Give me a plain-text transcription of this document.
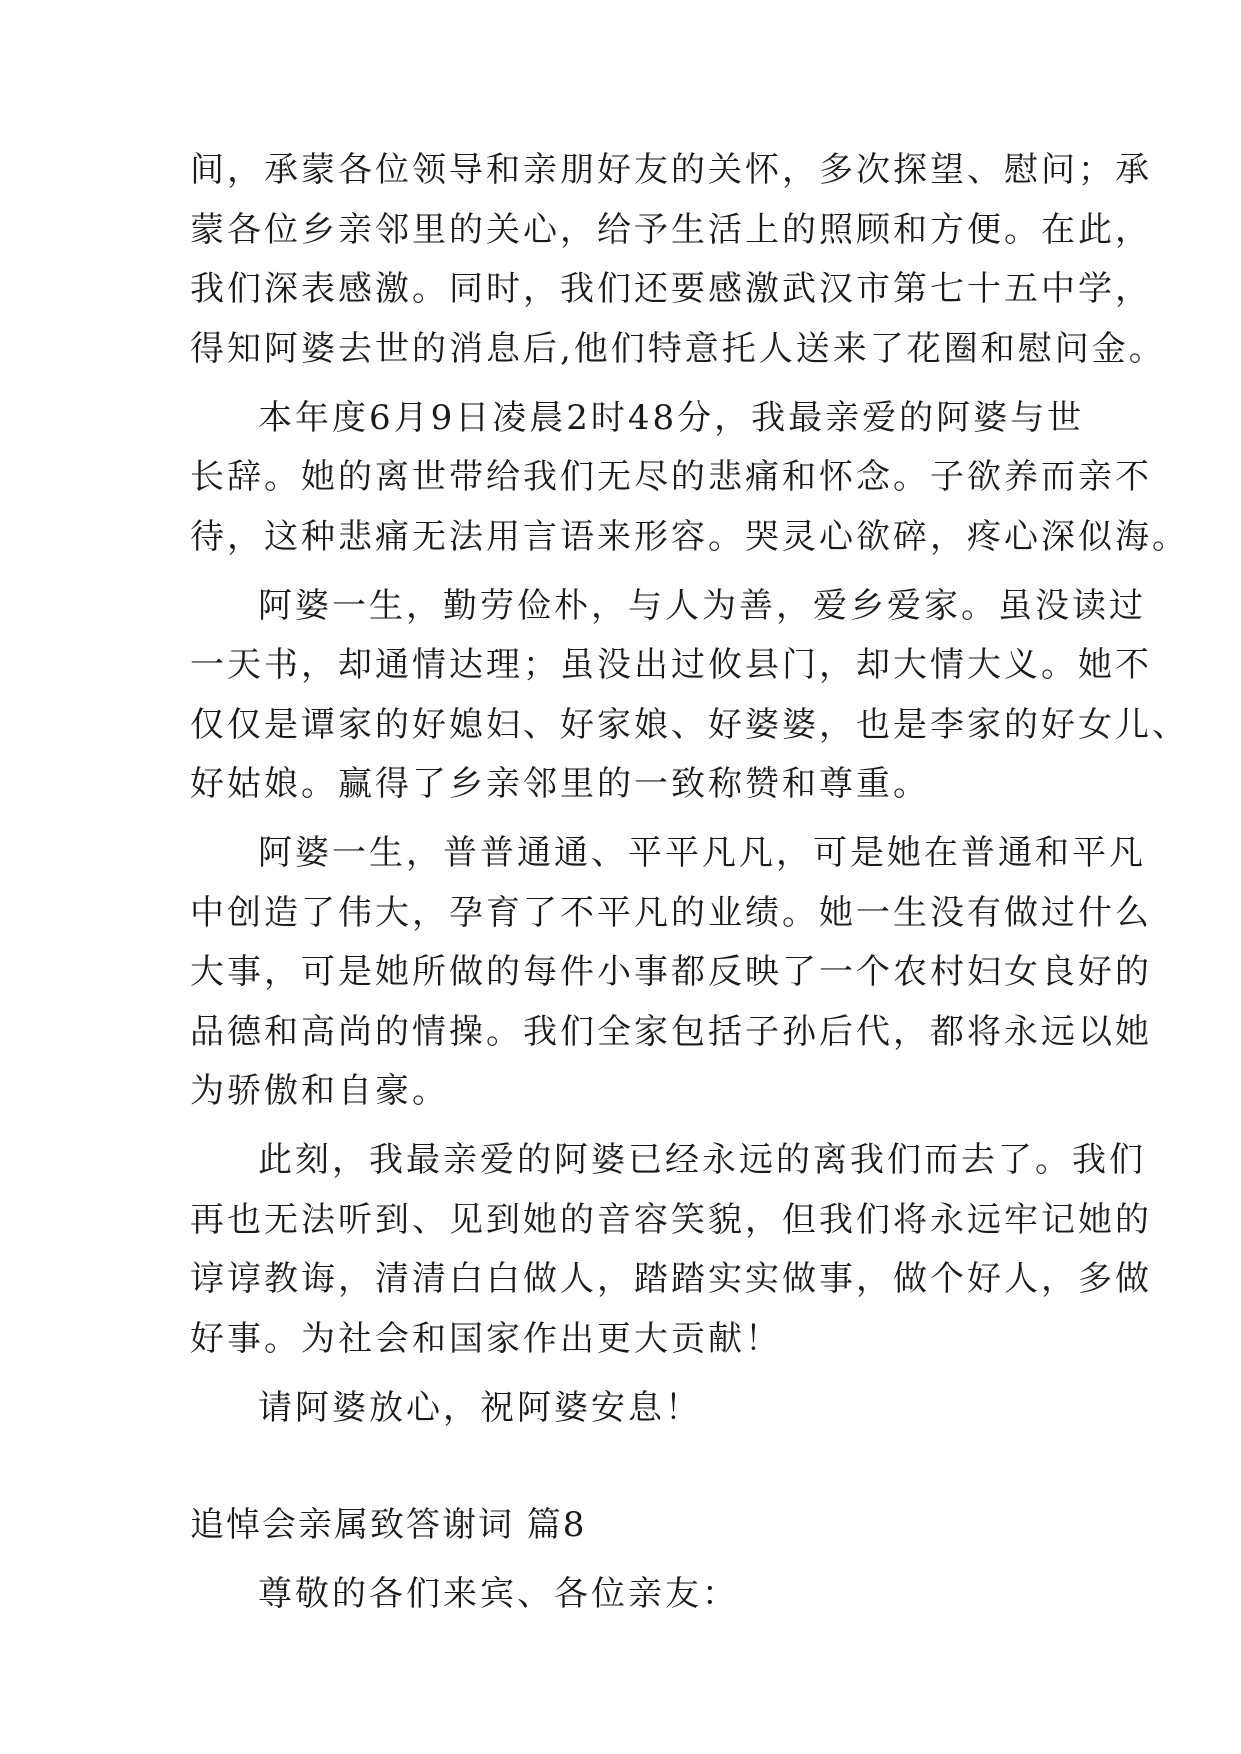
间，承蒙各位领导和亲朋好友的关怀，多次探望、慰问；承
蒙各位乡亲邻里的关心，给予生活上的照顾和方便。在此，
我们深表感激。同时，我们还要感激武汉市第七十五中学，
得知阿婆去世的消息后,他们特意托人送来了花圈和慰问金。
本年度6月9日凌晨2时48分，我最亲爱的阿婆与世
长辞。她的离世带给我们无尽的悲痛和怀念。子欲养而亲不
待，这种悲痛无法用言语来形容。哭灵心欲碎，疼心深似海。
阿婆一生，勤劳俭朴，与人为善，爱乡爱家。虽没读过
一天书，却通情达理；虽没出过攸县门，却大情大义。她不
仅仅是谭家的好媳妇、好家娘、好婆婆，也是李家的好女儿、
好姑娘。赢得了乡亲邻里的一致称赞和尊重。
阿婆一生，普普通通、平平凡凡，可是她在普通和平凡
中创造了伟大，孕育了不平凡的业绩。她一生没有做过什么
大事，可是她所做的每件小事都反映了一个农村妇女良好的
品德和高尚的情操。我们全家包括子孙后代，都将永远以她
为骄傲和自豪。
此刻，我最亲爱的阿婆已经永远的离我们而去了。我们
再也无法听到、见到她的音容笑貌，但我们将永远牢记她的
谆谆教诲，清清白白做人，踏踏实实做事，做个好人，多做
好事。为社会和国家作出更大贡献！
请阿婆放心，祝阿婆安息！
追悼会亲属致答谢词 篇8
尊敬的各们来宾、各位亲友：
